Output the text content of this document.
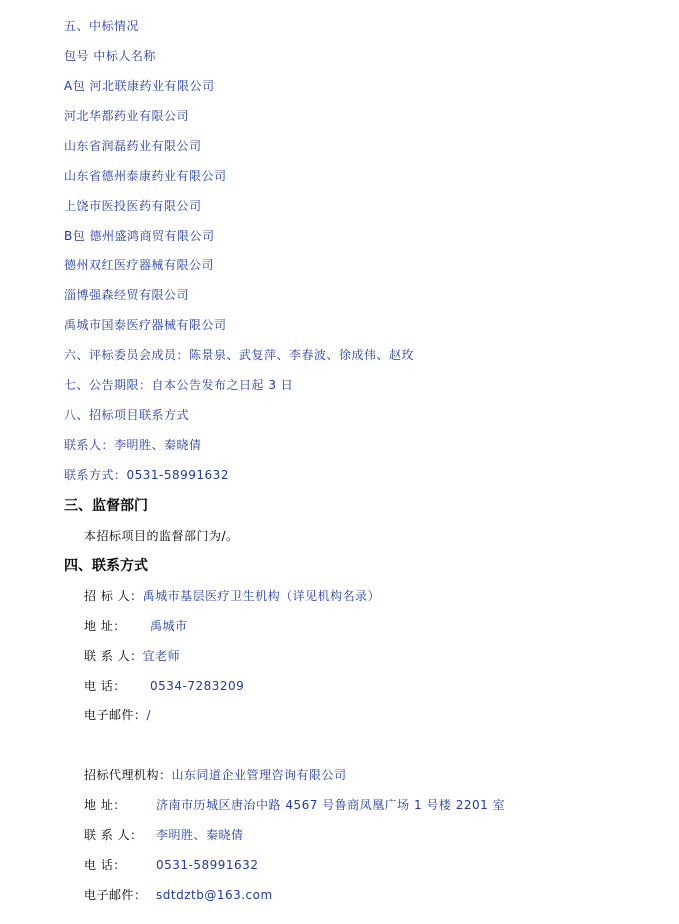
五、中标情况
包号 中标人名称
A包 河北联康药业有限公司
河北华都药业有限公司
山东省润磊药业有限公司
山东省德州泰康药业有限公司
上饶市医投医药有限公司
B包 德州盛鸿商贸有限公司
德州双红医疗器械有限公司
淄博强森经贸有限公司
禹城市国泰医疗器械有限公司
六、评标委员会成员：陈景泉、武复萍、李春波、徐成伟、赵玫
七、公告期限：自本公告发布之日起 3 日
八、招标项目联系方式
联系人：李明胜、秦晓倩
联系方式：0531-58991632
三、监督部门
本招标项目的监督部门为/。
四、联系方式
招 标 人：禹城市基层医疗卫生机构（详见机构名录）
地 址： 禹城市
联 系 人：宜老师
电 话： 0534-7283209
电子邮件：/
招标代理机构：山东同道企业管理咨询有限公司
地 址：	济南市历城区唐冶中路 4567 号鲁商凤凰广场 1 号楼 2201 室
联 系 人： 李明胜、秦晓倩
电 话：	0531-58991632
电子邮件： sdtdztb@163.com
